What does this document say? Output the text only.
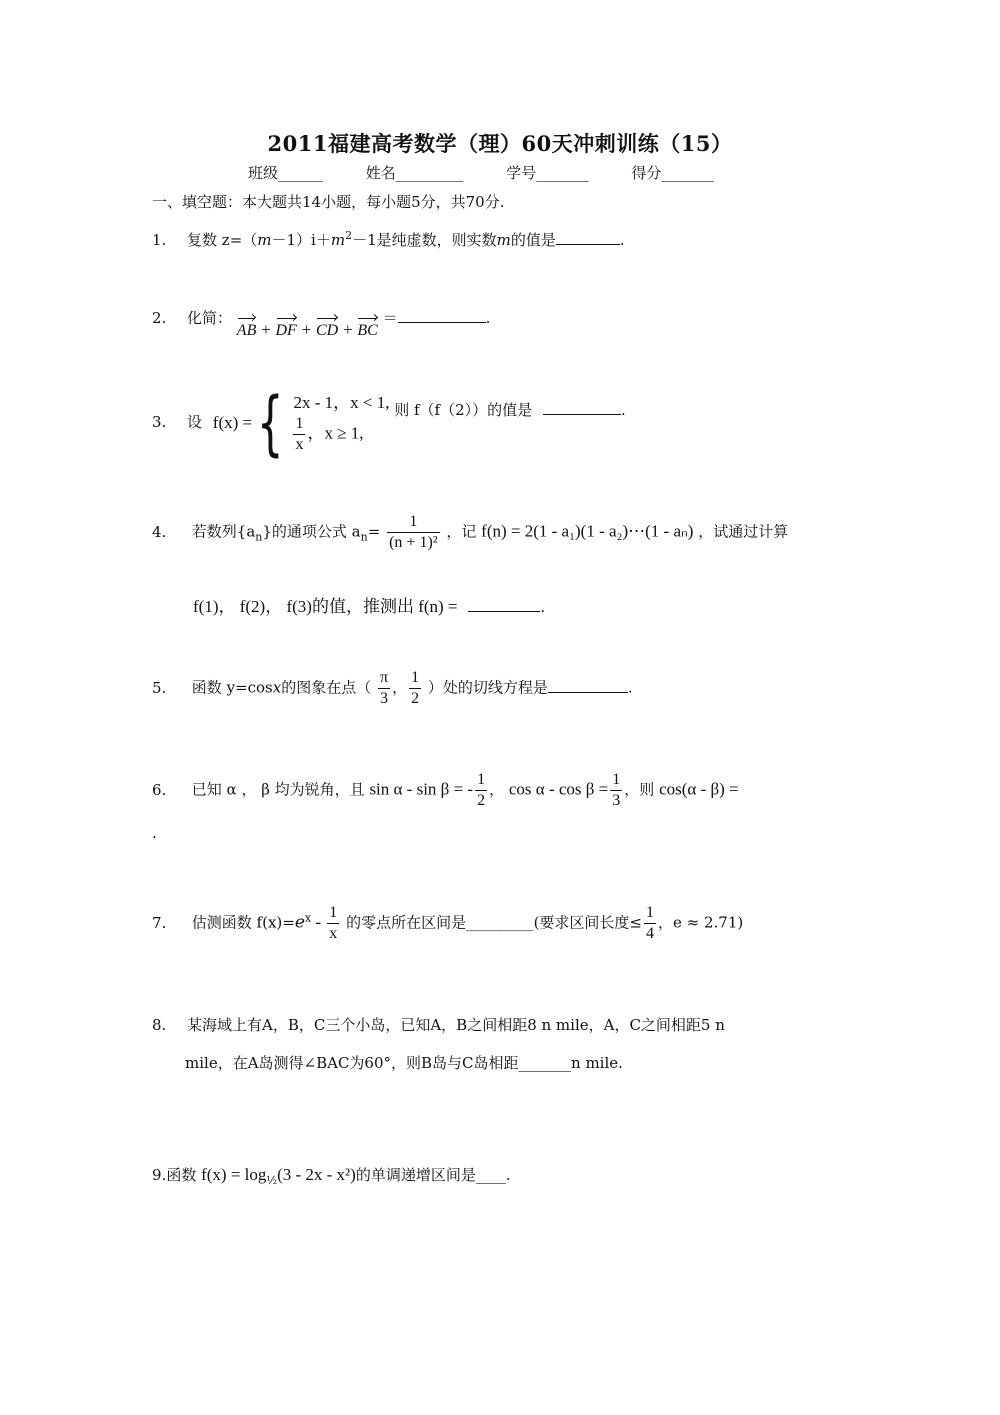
2011福建高考数学（理）60天冲刺训练（15）
班级______	姓名_________	学号_______	得分_______
一、填空题：本大题共14小题，每小题5分，共70分.
1. 复数 $z=(m-1)i+m^2-1$是纯虚数，则实数m的值是	.
2. 化简： AB + DF + CD + BC ＝	.
3. 设 f(x) ={ 2x - 1，x < 1,
$\frac{1}{x}$ ，x ≥ 1,
则 f（f（2））的值是	.
4. 若数列$\{a_n\}$的通项公式 $a_n= \frac{1}{\text{(n + 1)²}}$ ，记 f(n) = 2(1 - a₁)(1 - a₂)⋯(1 - aₙ) ，试通过计算
f(1)， f(2)， f(3)的值，推测出 f(n) =	.
5. 函数 y=cosx的图象在点（ $\frac{\pi}{3}$ ， $\frac{1}{2}$ ）处的切线方程是	.
6. 已知 α ， β 均为锐角，且 sin α - sin β = - $\frac{1}{2}$ ， $\cos \alpha - \cos \beta = \frac{1}{3}$ ，则 cos(α - β) =
.
7. 估测函数 $f(x)=e^x - \frac{1}{x}$ 的零点所在区间是_________(要求区间长度≤ $\frac{1}{4}$ ，e ≈ 2.71)
8. 某海域上有A，B，C三个小岛，已知A，B之间相距8 n mile，A，C之间相距5 n
mile，在A岛测得∠BAC为60°，则B岛与C岛相距_______n mile.
9.函数 $f(x) = \log_{\frac{1}{2}}(3 - 2x - x^2)$的单调递增区间是____.
